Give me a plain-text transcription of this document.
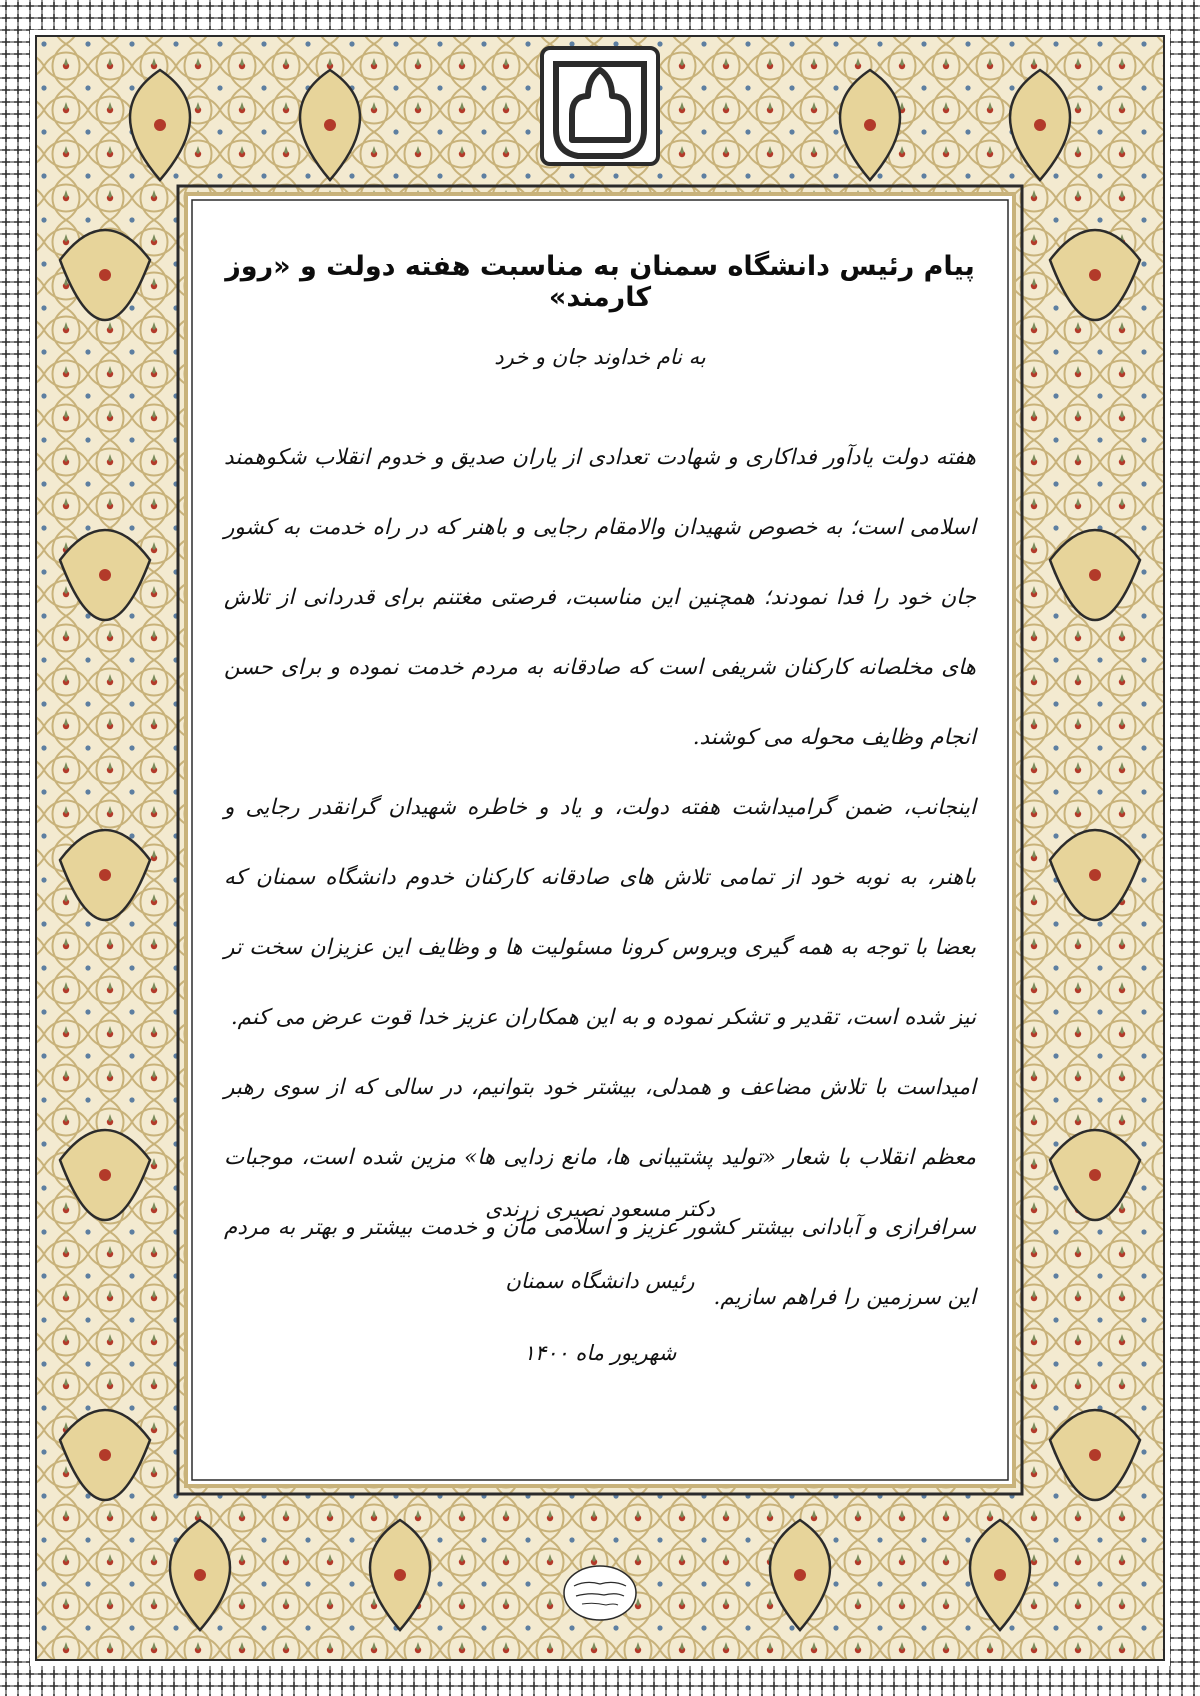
پیام رئیس دانشگاه سمنان به مناسبت هفته دولت و «روز کارمند»
به نام خداوند جان و خرد

هفته دولت یادآور فداکاری و شهادت تعدادی از یاران صدیق و خدوم انقلاب شکوهمند اسلامی است؛ به خصوص شهیدان والامقام رجایی و باهنر که در راه خدمت به کشور جان خود را فدا نمودند؛ همچنین این مناسبت، فرصتی مغتنم برای قدردانی از تلاش های مخلصانه کارکنان شریفی است که صادقانه به مردم خدمت نموده و برای حسن انجام وظایف محوله می کوشند.

اینجانب، ضمن گرامیداشت هفته دولت، و یاد و خاطره شهیدان گرانقدر رجایی و باهنر، به نوبه خود از تمامی تلاش های صادقانه کارکنان خدوم دانشگاه سمنان که بعضا با توجه به همه گیری ویروس کرونا مسئولیت ها و وظایف این عزیزان سخت تر نیز شده است، تقدیر و تشکر نموده و به این همکاران عزیز خدا قوت عرض می کنم.

امیداست با تلاش مضاعف و همدلی، بیشتر خود بتوانیم، در سالی که از سوی رهبر معظم انقلاب با شعار «تولید پشتیبانی ها، مانع زدایی ها» مزین شده است، موجبات سرافرازی و آبادانی بیشتر کشور عزیز و اسلامی مان و خدمت بیشتر و بهتر به مردم این سرزمین را فراهم سازیم.

دکتر مسعود نصیری زرندی
رئیس دانشگاه سمنان
شهریور ماه ۱۴۰۰
